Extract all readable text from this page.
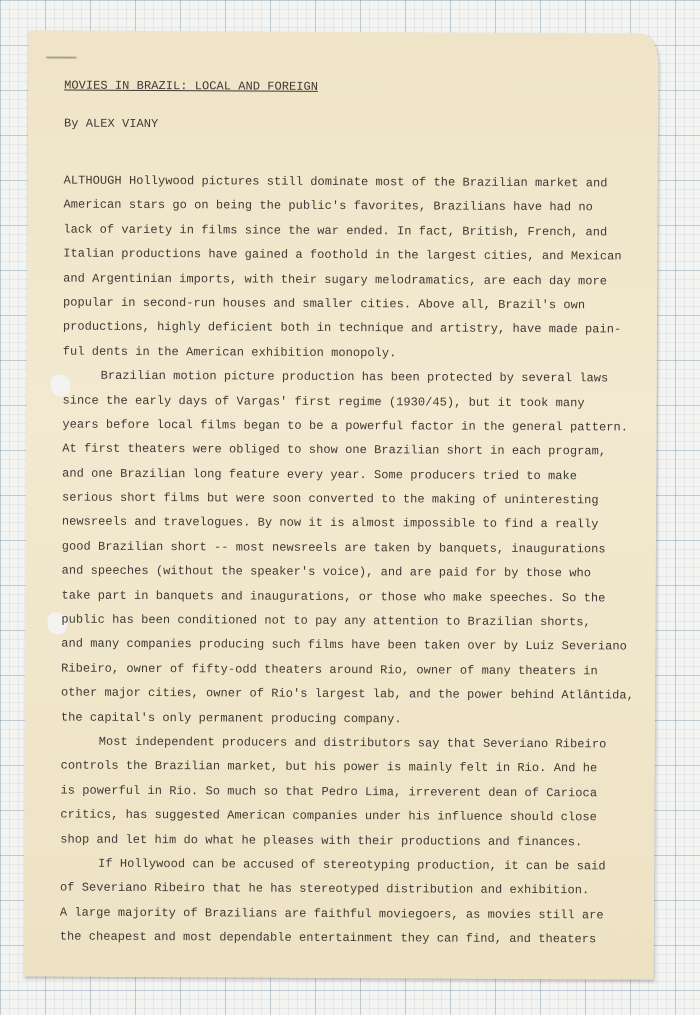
MOVIES IN BRAZIL: LOCAL AND FOREIGN

By ALEX VIANY

ALTHOUGH Hollywood pictures still dominate most of the Brazilian market and
American stars go on being the public's favorites, Brazilians have had no
lack of variety in films since the war ended. In fact, British, French, and
Italian productions have gained a foothold in the largest cities, and Mexican
and Argentinian imports, with their sugary melodramatics, are each day more
popular in second-run houses and smaller cities. Above all, Brazil's own
productions, highly deficient both in technique and artistry, have made pain-
ful dents in the American exhibition monopoly.
Brazilian motion picture production has been protected by several laws
since the early days of Vargas' first regime (1930/45), but it took many
years before local films began to be a powerful factor in the general pattern.
At first theaters were obliged to show one Brazilian short in each program,
and one Brazilian long feature every year. Some producers tried to make
serious short films but were soon converted to the making of uninteresting
newsreels and travelogues. By now it is almost impossible to find a really
good Brazilian short -- most newsreels are taken by banquets, inaugurations
and speeches (without the speaker's voice), and are paid for by those who
take part in banquets and inaugurations, or those who make speeches. So the
public has been conditioned not to pay any attention to Brazilian shorts,
and many companies producing such films have been taken over by Luiz Severiano
Ribeiro, owner of fifty-odd theaters around Rio, owner of many theaters in
other major cities, owner of Rio's largest lab, and the power behind Atlântida,
the capital's only permanent producing company.
Most independent producers and distributors say that Severiano Ribeiro
controls the Brazilian market, but his power is mainly felt in Rio. And he
is powerful in Rio. So much so that Pedro Lima, irreverent dean of Carioca
critics, has suggested American companies under his influence should close
shop and let him do what he pleases with their productions and finances.
If Hollywood can be accused of stereotyping production, it can be said
of Severiano Ribeiro that he has stereotyped distribution and exhibition.
A large majority of Brazilians are faithful moviegoers, as movies still are
the cheapest and most dependable entertainment they can find, and theaters
